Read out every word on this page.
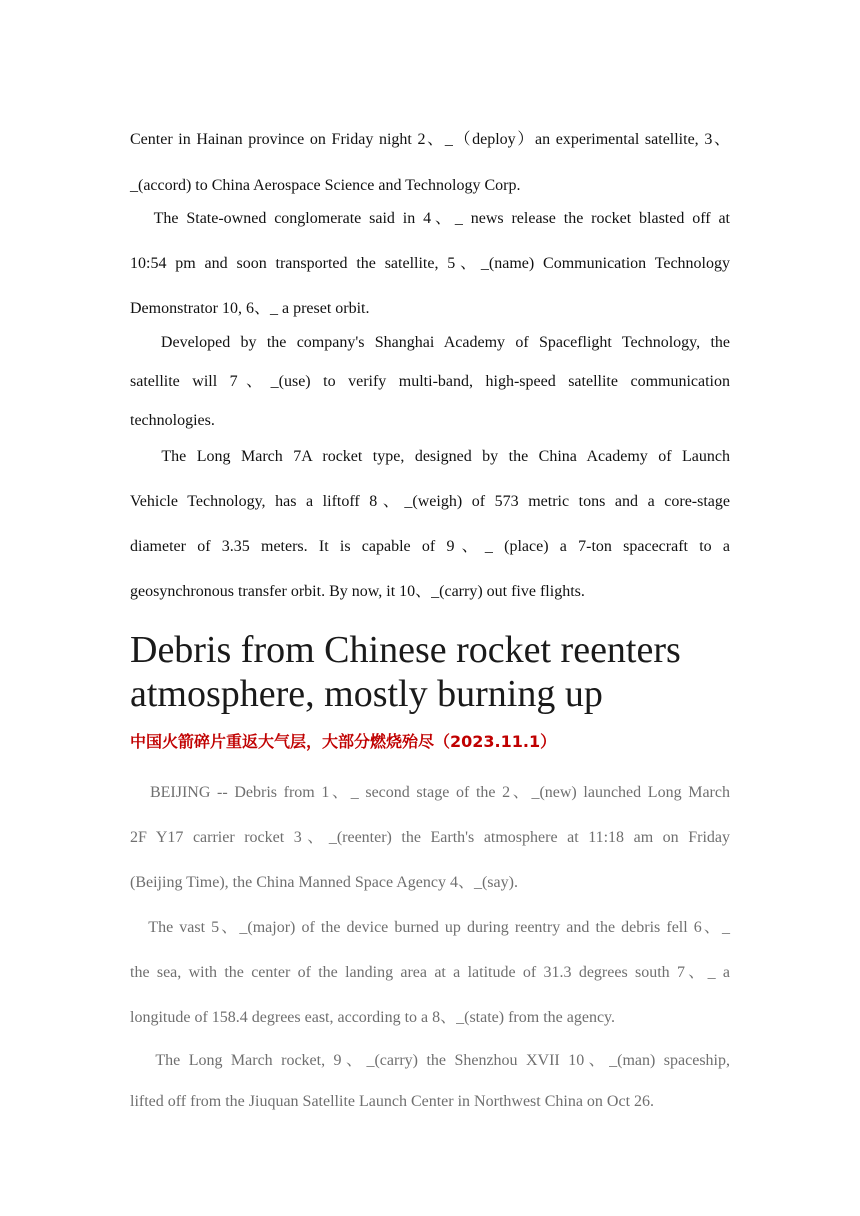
Center in Hainan province on Friday night 2、_（deploy）an experimental satellite, 3、
_(accord) to China Aerospace Science and Technology Corp.
The State-owned conglomerate said in 4、_ news release the rocket blasted off at
10:54 pm and soon transported the satellite, 5、_(name) Communication Technology
Demonstrator 10, 6、_ a preset orbit.
Developed by the company's Shanghai Academy of Spaceflight Technology, the
satellite will 7、_(use) to verify multi-band, high-speed satellite communication
technologies.
The Long March 7A rocket type, designed by the China Academy of Launch
Vehicle Technology, has a liftoff 8、_(weigh) of 573 metric tons and a core-stage
diameter of 3.35 meters. It is capable of 9、_ (place) a 7-ton spacecraft to a
geosynchronous transfer orbit. By now, it 10、_(carry) out five flights.
Debris from Chinese rocket reenters
atmosphere, mostly burning up
中国火箭碎片重返大气层，大部分燃烧殆尽（2023.11.1）
BEIJING -- Debris from 1、_ second stage of the 2、_(new) launched Long March
2F Y17 carrier rocket 3、_(reenter) the Earth's atmosphere at 11:18 am on Friday
(Beijing Time), the China Manned Space Agency 4、_(say).
The vast 5、_(major) of the device burned up during reentry and the debris fell 6、_
the sea, with the center of the landing area at a latitude of 31.3 degrees south 7、_ a
longitude of 158.4 degrees east, according to a 8、_(state) from the agency.
The Long March rocket, 9、_(carry) the Shenzhou XVII 10、_(man) spaceship,
lifted off from the Jiuquan Satellite Launch Center in Northwest China on Oct 26.
